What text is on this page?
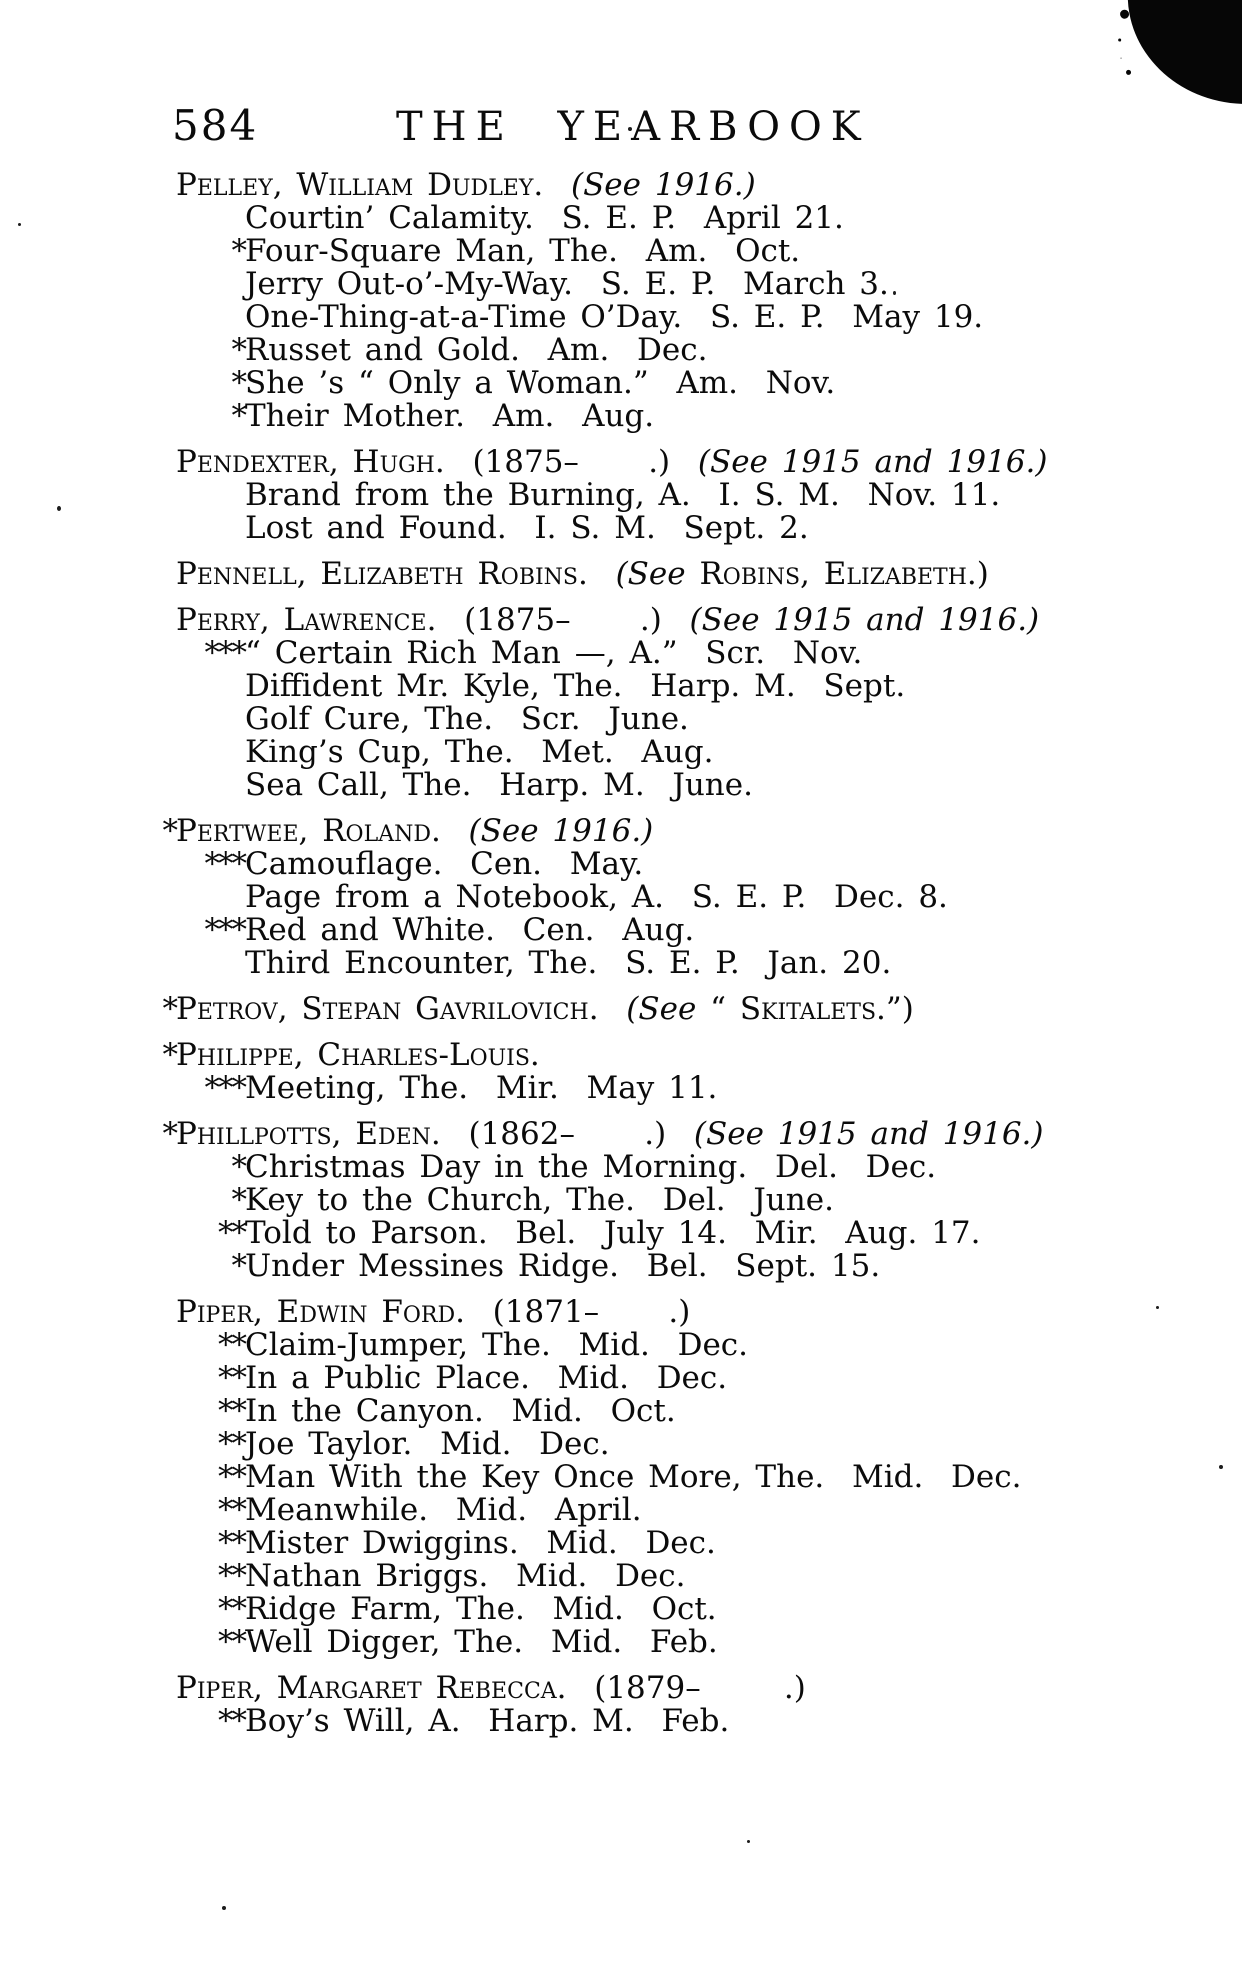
584	THE YEARBOOK
Pelley, William Dudley. (See 1916.)
Courtin’ Calamity.  S. E. P.  April 21.
* Four-Square Man, The.  Am.  Oct.
Jerry Out-o’-My-Way.  S. E. P.  March 3.
One-Thing-at-a-Time O’Day.  S. E. P.  May 19.
* Russet and Gold.  Am.  Dec.
* She ’s “ Only a Woman.”  Am.  Nov.
* Their Mother.  Am.  Aug.
Pendexter, Hugh.  (1875–     .)  (See 1915 and 1916.)
Brand from the Burning, A.  I. S. M.  Nov. 11.
Lost and Found.  I. S. M.  Sept. 2.
Pennell, Elizabeth Robins. (See Robins, Elizabeth.)
Perry, Lawrence.  (1875–     .)  (See 1915 and 1916.)
*** “ Certain Rich Man —, A.”  Scr.  Nov.
Diffident Mr. Kyle, The.  Harp. M.  Sept.
Golf Cure, The.  Scr.  June.
King’s Cup, The.  Met.  Aug.
Sea Call, The.  Harp. M.  June.
* Pertwee, Roland. (See 1916.)
*** Camouflage.  Cen.  May.
Page from a Notebook, A.  S. E. P.  Dec. 8.
*** Red and White.  Cen.  Aug.
Third Encounter, The.  S. E. P.  Jan. 20.
* Petrov, Stepan Gavrilovich. (See “ Skitalets.”)
* Philippe, Charles-Louis.
*** Meeting, The.  Mir.  May 11.
* Phillpotts, Eden.  (1862–     .)  (See 1915 and 1916.)
* Christmas Day in the Morning.  Del.  Dec.
* Key to the Church, The.  Del.  June.
** Told to Parson.  Bel.  July 14.  Mir.  Aug. 17.
* Under Messines Ridge.  Bel.  Sept. 15.
Piper, Edwin Ford.  (1871–     .)
** Claim-Jumper, The.  Mid.  Dec.
** In a Public Place.  Mid.  Dec.
** In the Canyon.  Mid.  Oct.
** Joe Taylor.  Mid.  Dec.
** Man With the Key Once More, The.  Mid.  Dec.
** Meanwhile.  Mid.  April.
** Mister Dwiggins.  Mid.  Dec.
** Nathan Briggs.  Mid.  Dec.
** Ridge Farm, The.  Mid.  Oct.
** Well Digger, The.  Mid.  Feb.
Piper, Margaret Rebecca.  (1879–      .)
** Boy’s Will, A.  Harp. M.  Feb.
